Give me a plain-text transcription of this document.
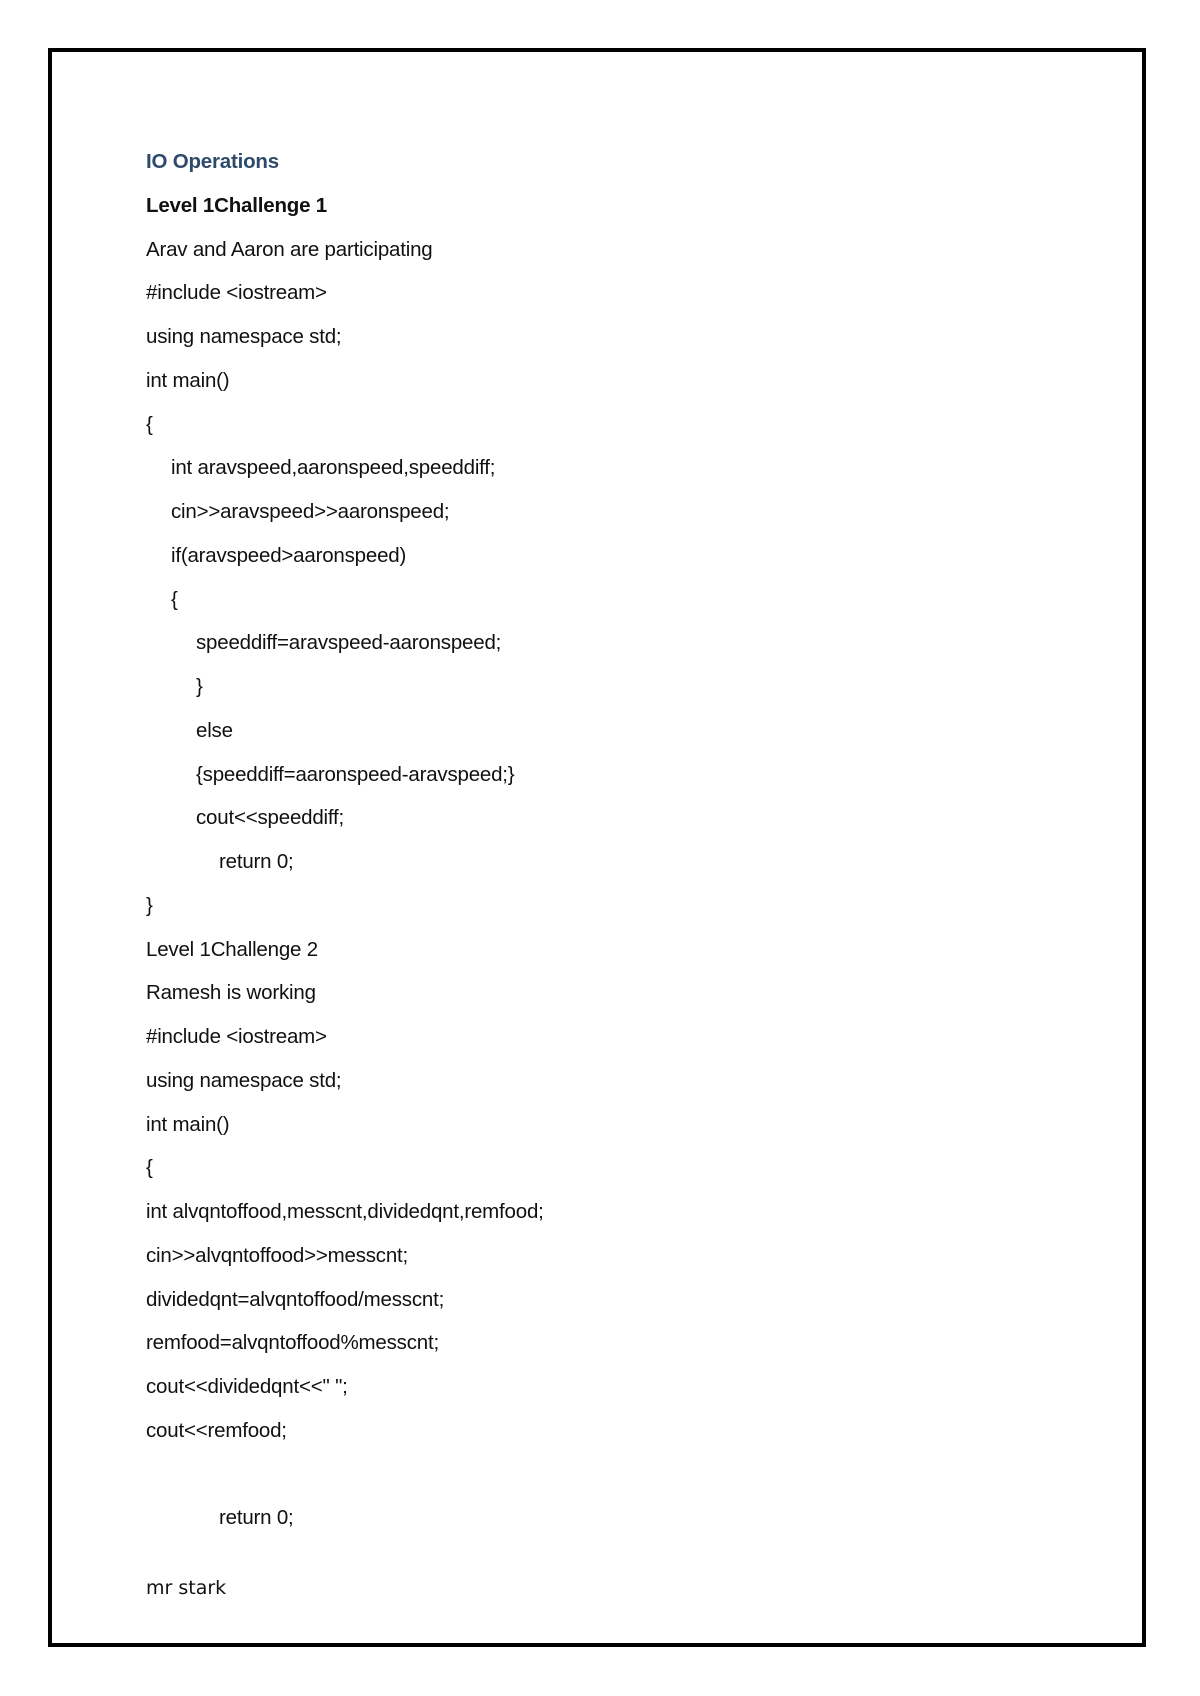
IO Operations
Level 1Challenge 1
Arav and Aaron are participating
#include <iostream>
using namespace std;
int main()
{
int aravspeed,aaronspeed,speeddiff;
cin>>aravspeed>>aaronspeed;
if(aravspeed>aaronspeed)
{
speeddiff=aravspeed-aaronspeed;
}
else
{speeddiff=aaronspeed-aravspeed;}
cout<<speeddiff;
return 0;
}
Level 1Challenge 2
Ramesh is working
#include <iostream>
using namespace std;
int main()
{
int alvqntoffood,messcnt,dividedqnt,remfood;
cin>>alvqntoffood>>messcnt;
dividedqnt=alvqntoffood/messcnt;
remfood=alvqntoffood%messcnt;
cout<<dividedqnt<<" ";
cout<<remfood;
return 0;
mr stark
